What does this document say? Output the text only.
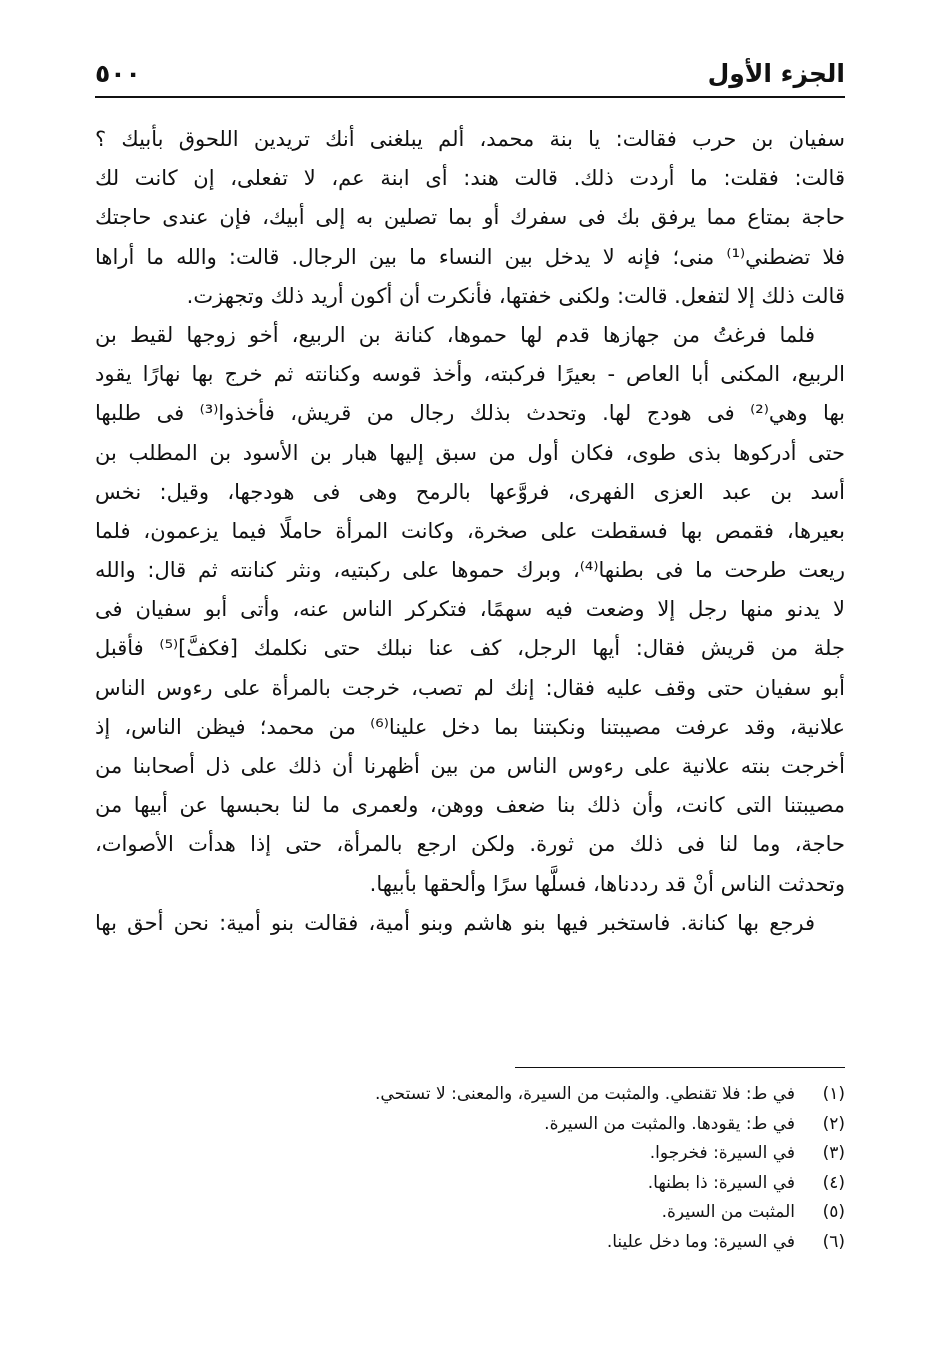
الجزء الأول
٥٠٠
سفيان بن حرب فقالت: يا بنة محمد، ألم يبلغنى أنك تريدين اللحوق بأبيك ؟
قالت: فقلت: ما أردت ذلك. قالت هند: أى ابنة عم، لا تفعلى، إن كانت لك
حاجة بمتاع مما يرفق بك فى سفرك أو بما تصلين به إلى أبيك، فإن عندى حاجتك
فلا تضطني⁽¹⁾ منى؛ فإنه لا يدخل بين النساء ما بين الرجال. قالت: والله ما أراها
قالت ذلك إلا لتفعل. قالت: ولكنى خفتها، فأنكرت أن أكون أريد ذلك وتجهزت.
فلما فرغتُ من جهازها قدم لها حموها، كنانة بن الربيع، أخو زوجها لقيط بن
الربيع، المكنى أبا العاص - بعيرًا فركبته، وأخذ قوسه وكنانته ثم خرج بها نهارًا يقود
بها وهي⁽²⁾ فى هودج لها. وتحدث بذلك رجال من قريش، فأخذوا⁽³⁾ فى طلبها
حتى أدركوها بذى طوى، فكان أول من سبق إليها هبار بن الأسود بن المطلب بن
أسد بن عبد العزى الفهرى، فروَّعها بالرمح وهى فى هودجها، وقيل: نخس
بعيرها، فقمص بها فسقطت على صخرة، وكانت المرأة حاملًا فيما يزعمون، فلما
ريعت طرحت ما فى بطنها⁽⁴⁾، وبرك حموها على ركبتيه، ونثر كنانته ثم قال: والله
لا يدنو منها رجل إلا وضعت فيه سهمًا، فتكركر الناس عنه، وأتى أبو سفيان فى
جلة من قريش فقال: أيها الرجل، كف عنا نبلك حتى نكلمك [فكفَّ]⁽⁵⁾ فأقبل
أبو سفيان حتى وقف عليه فقال: إنك لم تصب، خرجت بالمرأة على رءوس الناس
علانية، وقد عرفت مصيبتنا ونكبتنا بما دخل علينا⁽⁶⁾ من محمد؛ فيظن الناس، إذ
أخرجت بنته علانية على رءوس الناس من بين أظهرنا أن ذلك على ذل أصحابنا من
مصيبتنا التى كانت، وأن ذلك بنا ضعف ووهن، ولعمرى ما لنا بحبسها عن أبيها من
حاجة، وما لنا فى ذلك من ثورة. ولكن ارجع بالمرأة، حتى إذا هدأت الأصوات،
وتحدثت الناس أنْ قد رددناها، فسلَّها سرًا وألحقها بأبيها.
فرجع بها كنانة. فاستخبر فيها بنو هاشم وبنو أمية، فقالت بنو أمية: نحن أحق بها
(١)
في ط: فلا تقنطي. والمثبت من السيرة، والمعنى: لا تستحي.
(٢)
في ط: يقودها. والمثبت من السيرة.
(٣)
في السيرة: فخرجوا.
(٤)
في السيرة: ذا بطنها.
(٥)
المثبت من السيرة.
(٦)
في السيرة: وما دخل علينا.
